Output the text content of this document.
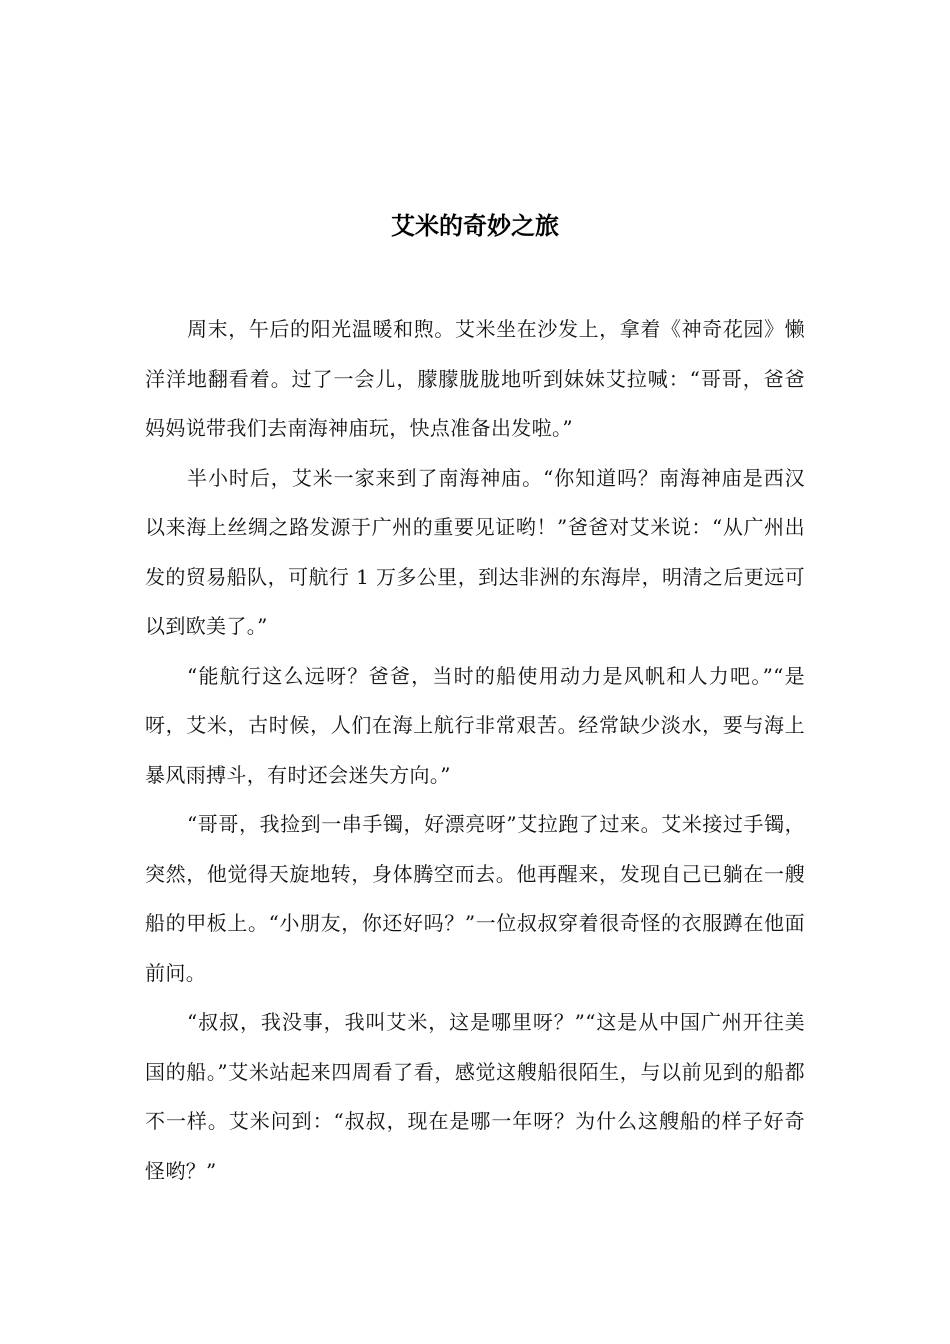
艾米的奇妙之旅

周末，午后的阳光温暖和煦。艾米坐在沙发上，拿着《神奇花园》懒洋洋地翻看着。过了一会儿，朦朦胧胧地听到妹妹艾拉喊：“哥哥，爸爸妈妈说带我们去南海神庙玩，快点准备出发啦。”

半小时后，艾米一家来到了南海神庙。“你知道吗？南海神庙是西汉以来海上丝绸之路发源于广州的重要见证哟！”爸爸对艾米说：“从广州出发的贸易船队，可航行 1 万多公里，到达非洲的东海岸，明清之后更远可以到欧美了。”

“能航行这么远呀？爸爸，当时的船使用动力是风帆和人力吧。”“是呀，艾米，古时候，人们在海上航行非常艰苦。经常缺少淡水，要与海上暴风雨搏斗，有时还会迷失方向。”

“哥哥，我捡到一串手镯，好漂亮呀”艾拉跑了过来。艾米接过手镯，突然，他觉得天旋地转，身体腾空而去。他再醒来，发现自己已躺在一艘船的甲板上。“小朋友，你还好吗？”一位叔叔穿着很奇怪的衣服蹲在他面前问。

“叔叔，我没事，我叫艾米，这是哪里呀？”“这是从中国广州开往美国的船。”艾米站起来四周看了看，感觉这艘船很陌生，与以前见到的船都不一样。艾米问到：“叔叔，现在是哪一年呀？为什么这艘船的样子好奇怪哟？”
